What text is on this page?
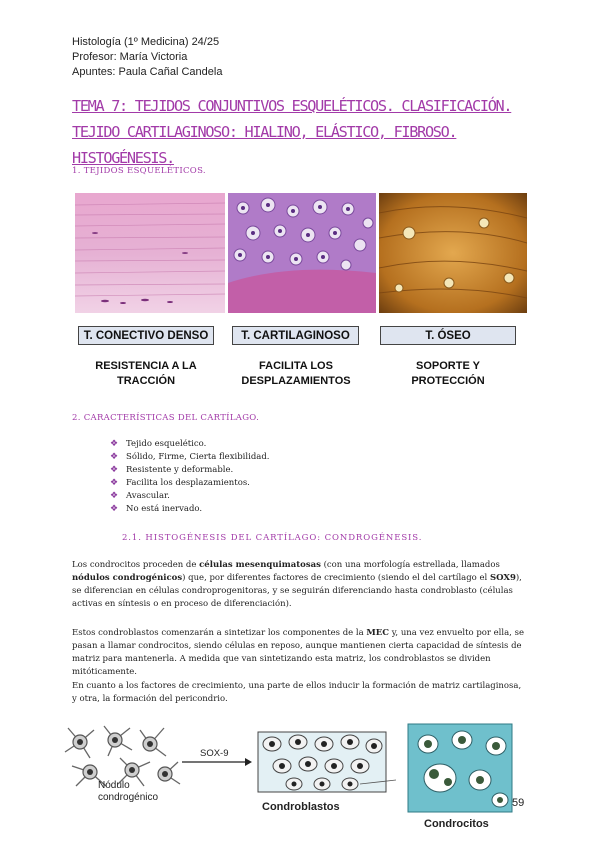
Histología (1º Medicina) 24/25
Profesor: María Victoria
Apuntes: Paula Cañal Candela
TEMA 7: TEJIDOS CONJUNTIVOS ESQUELÉTICOS. CLASIFICACIÓN. TEJIDO CARTILAGINOSO: HIALINO, ELÁSTICO, FIBROSO. HISTOGÉNESIS.
1. TEJIDOS ESQUELÉTICOS.
T. CONECTIVO DENSO	T. CARTILAGINOSO	T. ÓSEO
RESISTENCIA A LA
TRACCIÓN
FACILITA LOS
DESPLAZAMIENTOS
SOPORTE Y
PROTECCIÓN
2. CARACTERÍSTICAS DEL CARTÍLAGO.
❖ Tejido esquelético.
❖ Sólido, Firme, Cierta flexibilidad.
❖ Resistente y deformable.
❖ Facilita los desplazamientos.
❖ Avascular.
❖ No está inervado.
2.1. HISTOGÉNESIS DEL CARTÍLAGO: CONDROGÉNESIS.
Los condrocitos proceden de células mesenquimatosas (con una morfología estrellada, llamados nódulos condrogénicos) que, por diferentes factores de crecimiento (siendo el del cartílago el SOX9), se diferencian en células condroprogenitoras, y se seguirán diferenciando hasta condroblasto (células activas en síntesis o en proceso de diferenciación).
Estos condroblastos comenzarán a sintetizar los componentes de la MEC y, una vez envuelto por ella, se pasan a llamar condrocitos, siendo células en reposo, aunque mantienen cierta capacidad de síntesis de matriz para mantenerla. A medida que van sintetizando esta matriz, los condroblastos se dividen mitóticamente.
En cuanto a los factores de crecimiento, una parte de ellos inducir la formación de matriz cartilaginosa, y otra, la formación del pericondrio.
Nódulo
condrogénico
SOX-9
Condroblastos
Condrocitos
59
